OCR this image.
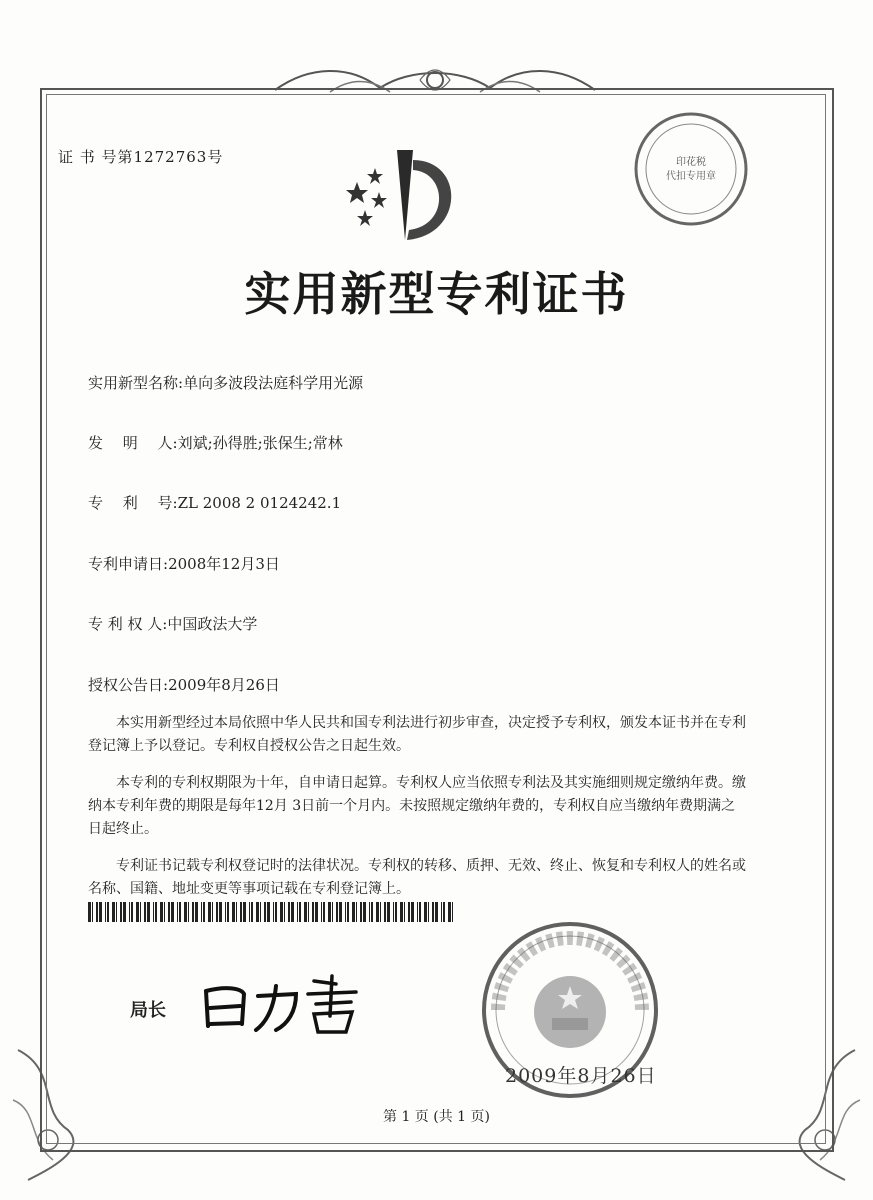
证 书 号第1272763号
实用新型专利证书
实用新型名称:单向多波段法庭科学用光源
发　 明　 人:刘斌;孙得胜;张保生;常林
专　 利　 号:ZL 2008 2 0124242.1
专利申请日:2008年12月3日
专 利 权 人:中国政法大学
授权公告日:2009年8月26日

本实用新型经过本局依照中华人民共和国专利法进行初步审查，决定授予专利权，颁发本证书并在专利登记簿上予以登记。专利权自授权公告之日起生效。

本专利的专利权期限为十年，自申请日起算。专利权人应当依照专利法及其实施细则规定缴纳年费。缴纳本专利年费的期限是每年12月 3日前一个月内。未按照规定缴纳年费的，专利权自应当缴纳年费期满之日起终止。

专利证书记载专利权登记时的法律状况。专利权的转移、质押、无效、终止、恢复和专利权人的姓名或名称、国籍、地址变更等事项记载在专利登记簿上。

局长
印花税
代扣专用章
2009年8月26日
第 1 页 (共 1 页)
